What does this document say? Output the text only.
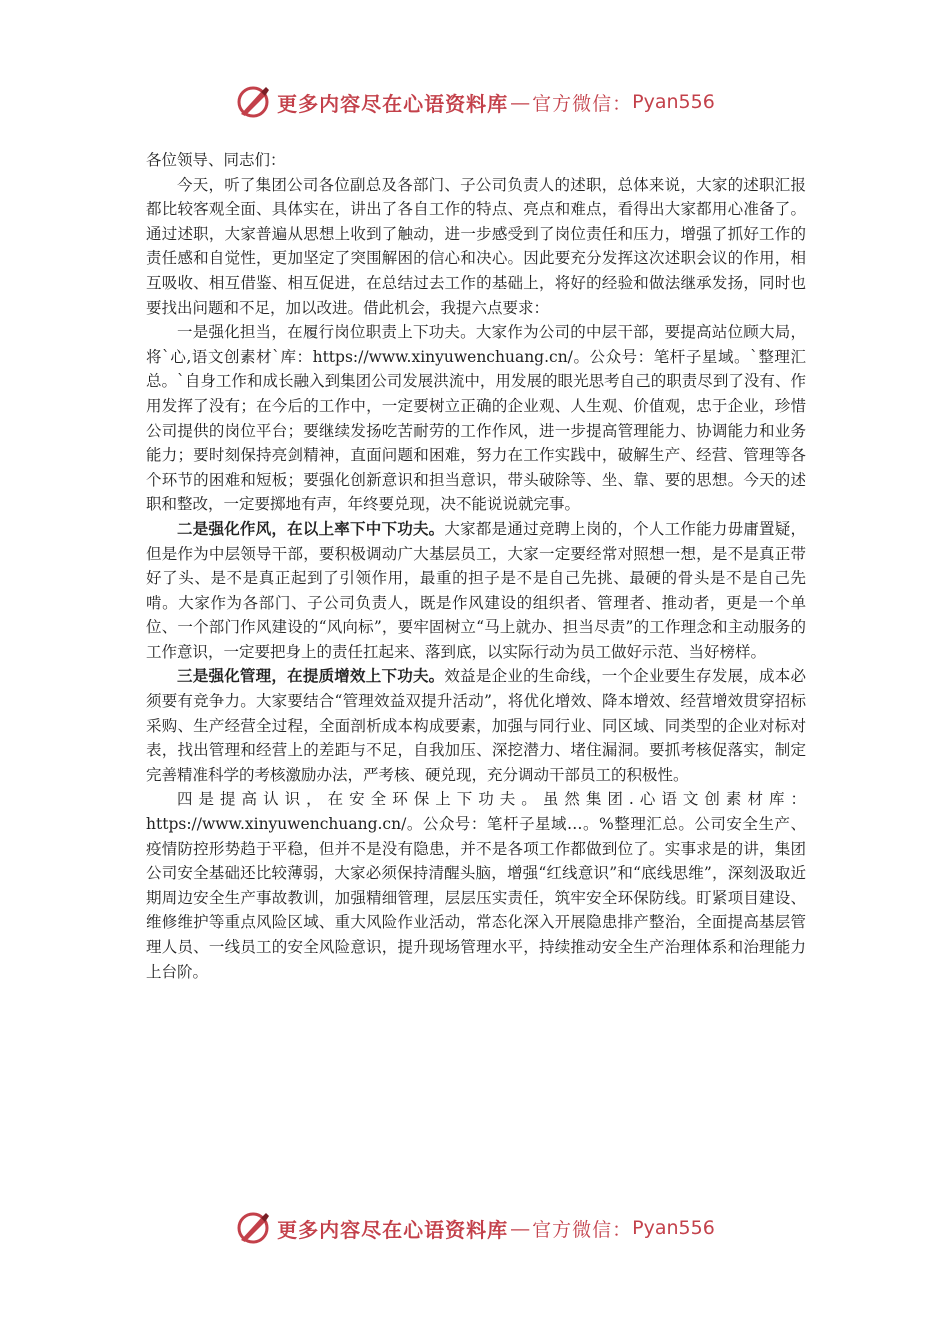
更多内容尽在心语资料库 — 官方微信： Pyan556

各位领导、同志们：

今天，听了集团公司各位副总及各部门、子公司负责人的述职，总体来说，大家的述职汇报都比较客观全面、具体实在，讲出了各自工作的特点、亮点和难点，看得出大家都用心准备了。通过述职，大家普遍从思想上收到了触动，进一步感受到了岗位责任和压力，增强了抓好工作的责任感和自觉性，更加坚定了突围解困的信心和决心。因此要充分发挥这次述职会议的作用，相互吸收、相互借鉴、相互促进，在总结过去工作的基础上，将好的经验和做法继承发扬，同时也要找出问题和不足，加以改进。借此机会，我提六点要求：

一是强化担当，在履行岗位职责上下功夫。大家作为公司的中层干部，要提高站位顾大局，将`心,语文创素材`库：https://www.xinyuwenchuang.cn/。公众号：笔杆子星域。`整理汇总。`自身工作和成长融入到集团公司发展洪流中，用发展的眼光思考自己的职责尽到了没有、作用发挥了没有；在今后的工作中，一定要树立正确的企业观、人生观、价值观，忠于企业，珍惜公司提供的岗位平台；要继续发扬吃苦耐劳的工作作风，进一步提高管理能力、协调能力和业务能力；要时刻保持亮剑精神，直面问题和困难，努力在工作实践中，破解生产、经营、管理等各个环节的困难和短板；要强化创新意识和担当意识，带头破除等、坐、靠、要的思想。今天的述职和整改，一定要掷地有声，年终要兑现，决不能说说就完事。

二是强化作风，在以上率下中下功夫。大家都是通过竞聘上岗的，个人工作能力毋庸置疑，但是作为中层领导干部，要积极调动广大基层员工，大家一定要经常对照想一想，是不是真正带好了头、是不是真正起到了引领作用，最重的担子是不是自己先挑、最硬的骨头是不是自己先啃。大家作为各部门、子公司负责人，既是作风建设的组织者、管理者、推动者，更是一个单位、一个部门作风建设的“风向标”，要牢固树立“马上就办、担当尽责”的工作理念和主动服务的工作意识，一定要把身上的责任扛起来、落到底，以实际行动为员工做好示范、当好榜样。

三是强化管理，在提质增效上下功夫。效益是企业的生命线，一个企业要生存发展，成本必须要有竞争力。大家要结合“管理效益双提升活动”，将优化增效、降本增效、经营增效贯穿招标采购、生产经营全过程，全面剖析成本构成要素，加强与同行业、同区域、同类型的企业对标对表，找出管理和经营上的差距与不足，自我加压、深挖潜力、堵住漏洞。要抓考核促落实，制定完善精准科学的考核激励办法，严考核、硬兑现，充分调动干部员工的积极性。

四是提高认识，在安全环保上下功夫。虽然集团.心语文创素材库：https://www.xinyuwenchuang.cn/。公众号：笔杆子星域…。%整理汇总。公司安全生产、疫情防控形势趋于平稳，但并不是没有隐患，并不是各项工作都做到位了。实事求是的讲，集团公司安全基础还比较薄弱，大家必须保持清醒头脑，增强“红线意识”和“底线思维”，深刻汲取近期周边安全生产事故教训，加强精细管理，层层压实责任，筑牢安全环保防线。盯紧项目建设、维修维护等重点风险区域、重大风险作业活动，常态化深入开展隐患排产整治，全面提高基层管理人员、一线员工的安全风险意识，提升现场管理水平，持续推动安全生产治理体系和治理能力上台阶。

更多内容尽在心语资料库 — 官方微信： Pyan556
